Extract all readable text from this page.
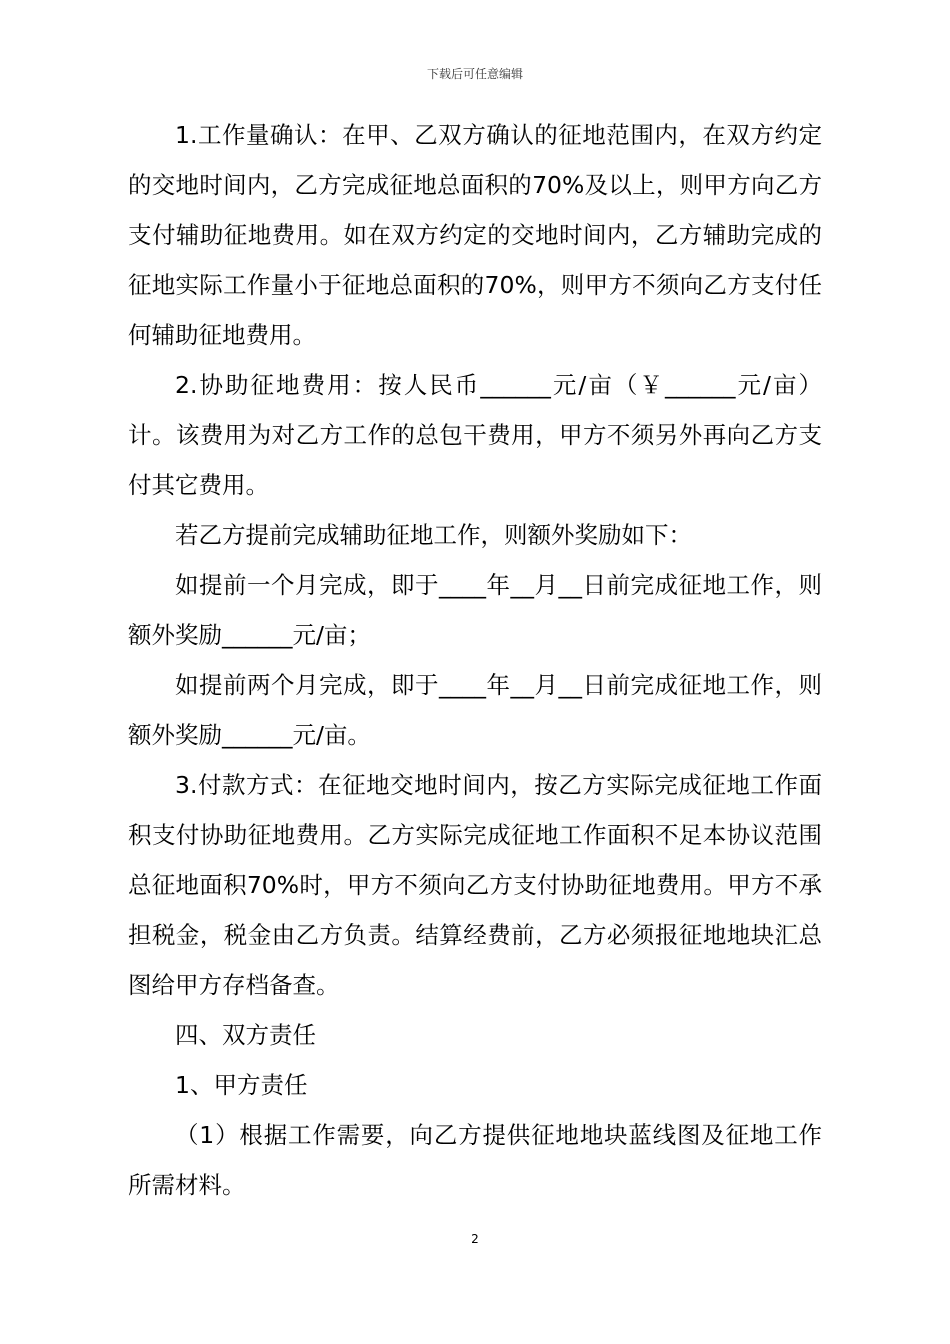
下载后可任意编辑

1.工作量确认：在甲、乙双方确认的征地范围内，在双方约定的交地时间内，乙方完成征地总面积的70%及以上，则甲方向乙方支付辅助征地费用。如在双方约定的交地时间内，乙方辅助完成的征地实际工作量小于征地总面积的70%，则甲方不须向乙方支付任何辅助征地费用。

2.协助征地费用：按人民币______元/亩（￥______元/亩）计。该费用为对乙方工作的总包干费用，甲方不须另外再向乙方支付其它费用。

若乙方提前完成辅助征地工作，则额外奖励如下：

如提前一个月完成，即于____年__月__日前完成征地工作，则额外奖励______元/亩；

如提前两个月完成，即于____年__月__日前完成征地工作，则额外奖励______元/亩。

3.付款方式：在征地交地时间内，按乙方实际完成征地工作面积支付协助征地费用。乙方实际完成征地工作面积不足本协议范围总征地面积70%时，甲方不须向乙方支付协助征地费用。甲方不承担税金，税金由乙方负责。结算经费前，乙方必须报征地地块汇总图给甲方存档备查。

四、双方责任

1、甲方责任

（1）根据工作需要，向乙方提供征地地块蓝线图及征地工作所需材料。

2
